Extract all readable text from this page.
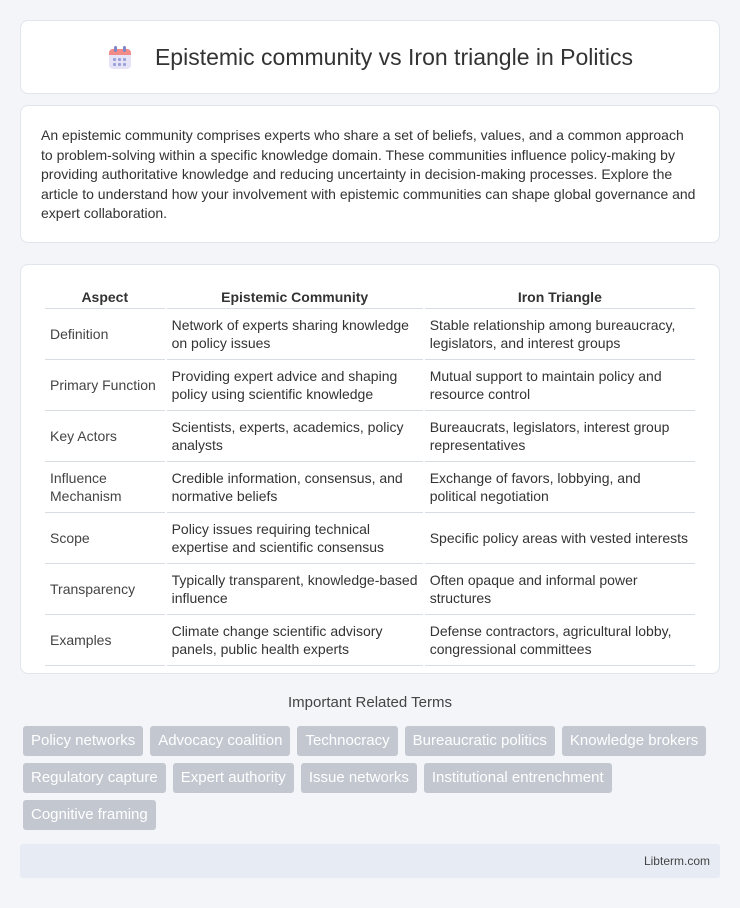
Epistemic community vs Iron triangle in Politics

An epistemic community comprises experts who share a set of beliefs, values, and a common approach to problem-solving within a specific knowledge domain. These communities influence policy-making by providing authoritative knowledge and reducing uncertainty in decision-making processes. Explore the article to understand how your involvement with epistemic communities can shape global governance and expert collaboration.

Aspect	Epistemic Community	Iron Triangle
Definition	Network of experts sharing knowledge on policy issues	Stable relationship among bureaucracy, legislators, and interest groups
Primary Function	Providing expert advice and shaping policy using scientific knowledge	Mutual support to maintain policy and resource control
Key Actors	Scientists, experts, academics, policy analysts	Bureaucrats, legislators, interest group representatives
Influence Mechanism	Credible information, consensus, and normative beliefs	Exchange of favors, lobbying, and political negotiation
Scope	Policy issues requiring technical expertise and scientific consensus	Specific policy areas with vested interests
Transparency	Typically transparent, knowledge-based influence	Often opaque and informal power structures
Examples	Climate change scientific advisory panels, public health experts	Defense contractors, agricultural lobby, congressional committees
Important Related Terms
Policy networks	Advocacy coalition	Technocracy	Bureaucratic politics	Knowledge brokers
Regulatory capture	Expert authority	Issue networks	Institutional entrenchment
Cognitive framing
Libterm.com
